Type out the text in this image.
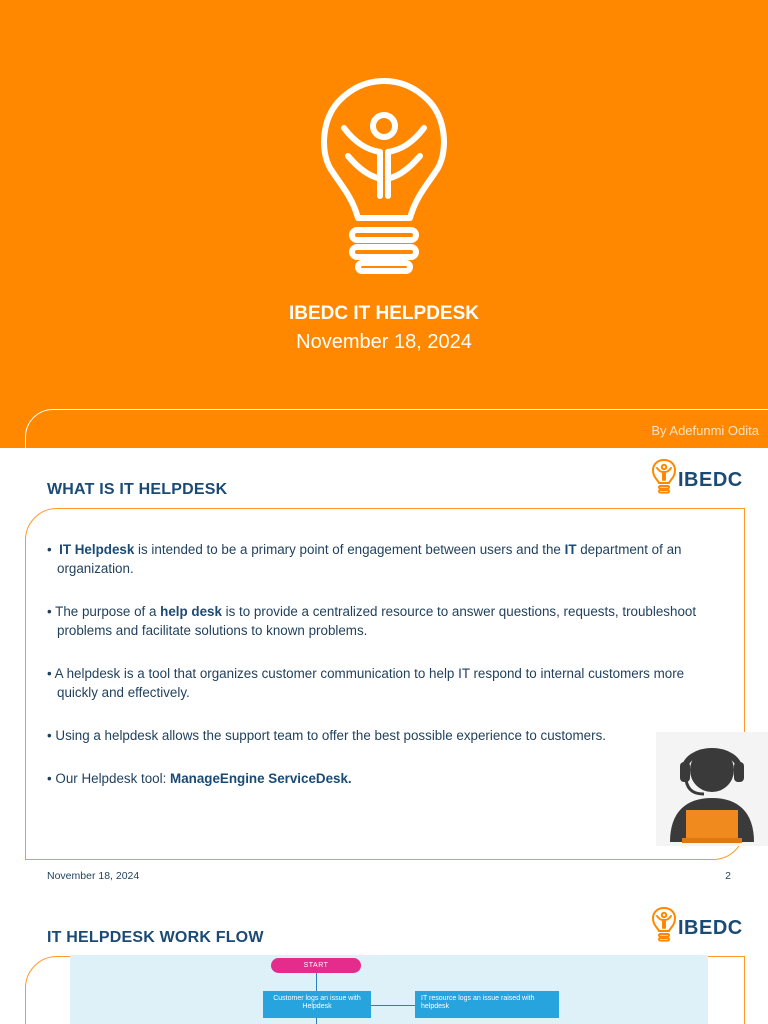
IBEDC IT HELPDESK
November 18, 2024
By Adefunmi Odita
WHAT IS IT HELPDESK	IBEDC
•  IT Helpdesk is intended to be a primary point of engagement between users and the IT department of an organization.
• The purpose of a help desk is to provide a centralized resource to answer questions, requests, troubleshoot problems and facilitate solutions to known problems.
• A helpdesk is a tool that organizes customer communication to help IT respond to internal customers more quickly and effectively.
• Using a helpdesk allows the support team to offer the best possible experience to customers.
• Our Helpdesk tool: ManageEngine ServiceDesk.
November 18, 2024	2
IT HELPDESK WORK FLOW	IBEDC
START
Customer logs an issue with Helpdesk
IT resource logs an issue raised with helpdesk
